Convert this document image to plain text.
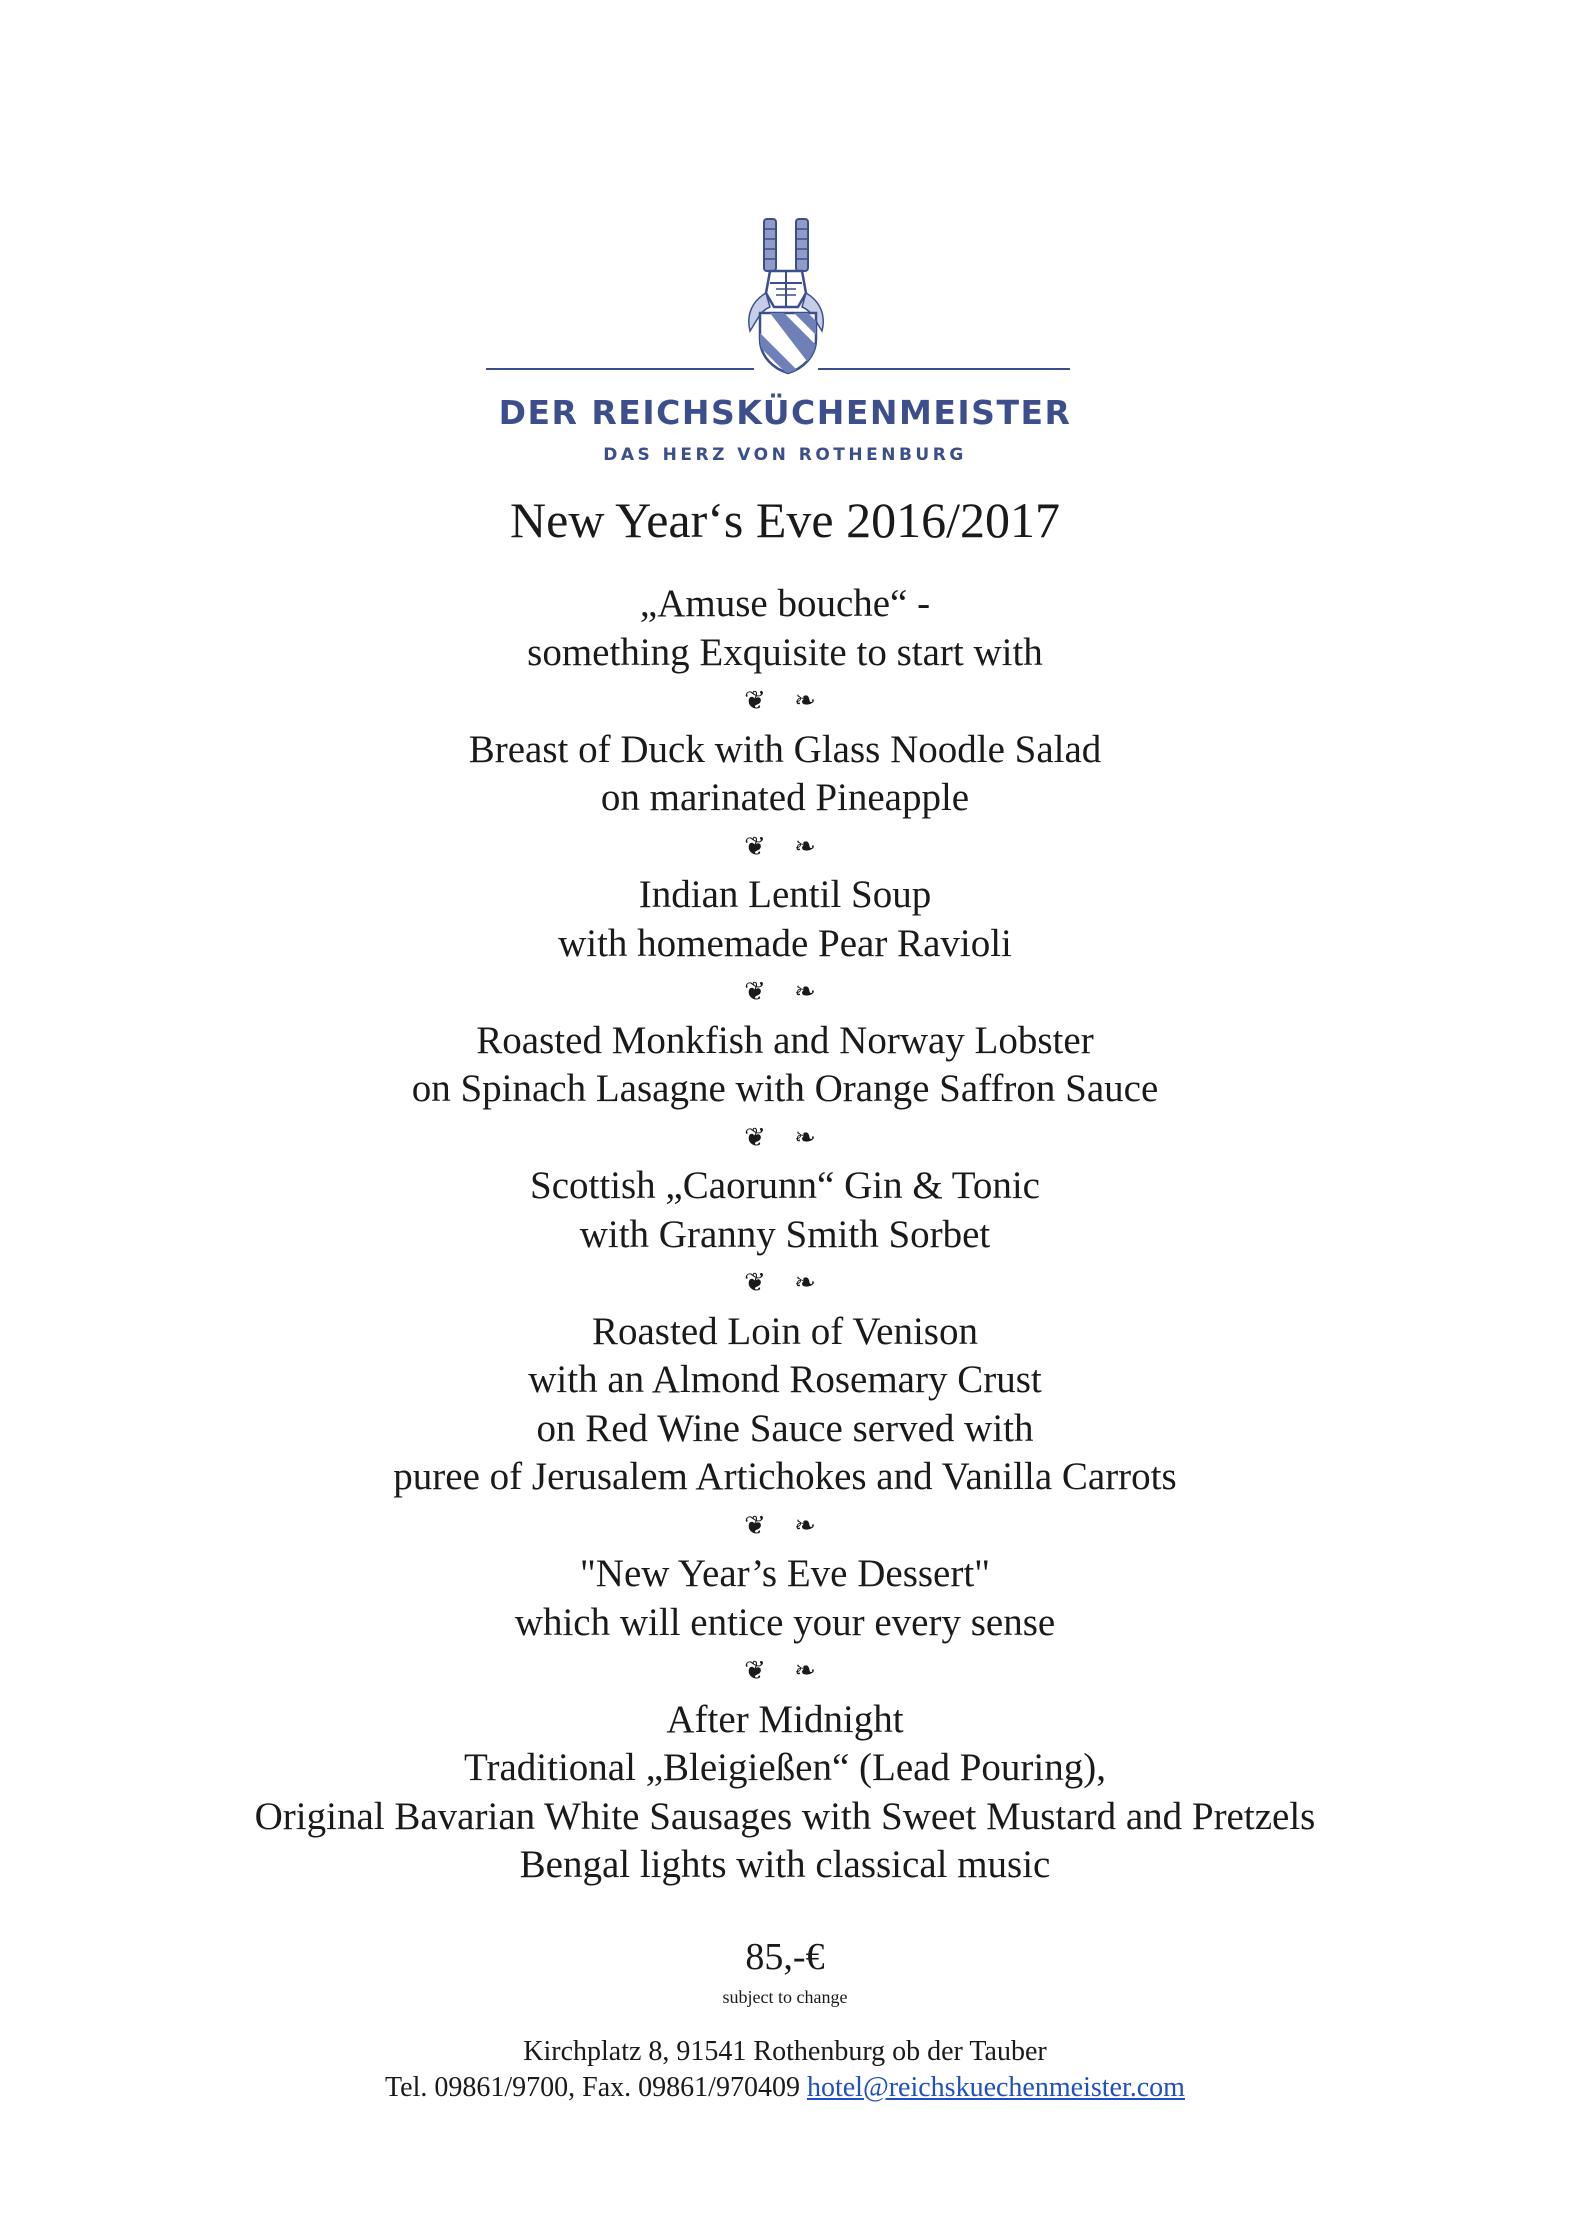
DER REICHSKÜCHENMEISTER
DAS HERZ VON ROTHENBURG
New Year‘s Eve 2016/2017
„Amuse bouche“ -
something Exquisite to start with
❦ ❧
Breast of Duck with Glass Noodle Salad
on marinated Pineapple
❦ ❧
Indian Lentil Soup
with homemade Pear Ravioli
❦ ❧
Roasted Monkfish and Norway Lobster
on Spinach Lasagne with Orange Saffron Sauce
❦ ❧
Scottish „Caorunn“ Gin & Tonic
with Granny Smith Sorbet
❦ ❧
Roasted Loin of Venison
with an Almond Rosemary Crust
on Red Wine Sauce served with
puree of Jerusalem Artichokes and Vanilla Carrots
❦ ❧
"New Year’s Eve Dessert"
which will entice your every sense
❦ ❧
After Midnight
Traditional „Bleigießen“ (Lead Pouring),
Original Bavarian White Sausages with Sweet Mustard and Pretzels
Bengal lights with classical music
85,-€
subject to change
Kirchplatz 8, 91541 Rothenburg ob der Tauber
Tel. 09861/9700, Fax. 09861/970409 hotel@reichskuechenmeister.com
